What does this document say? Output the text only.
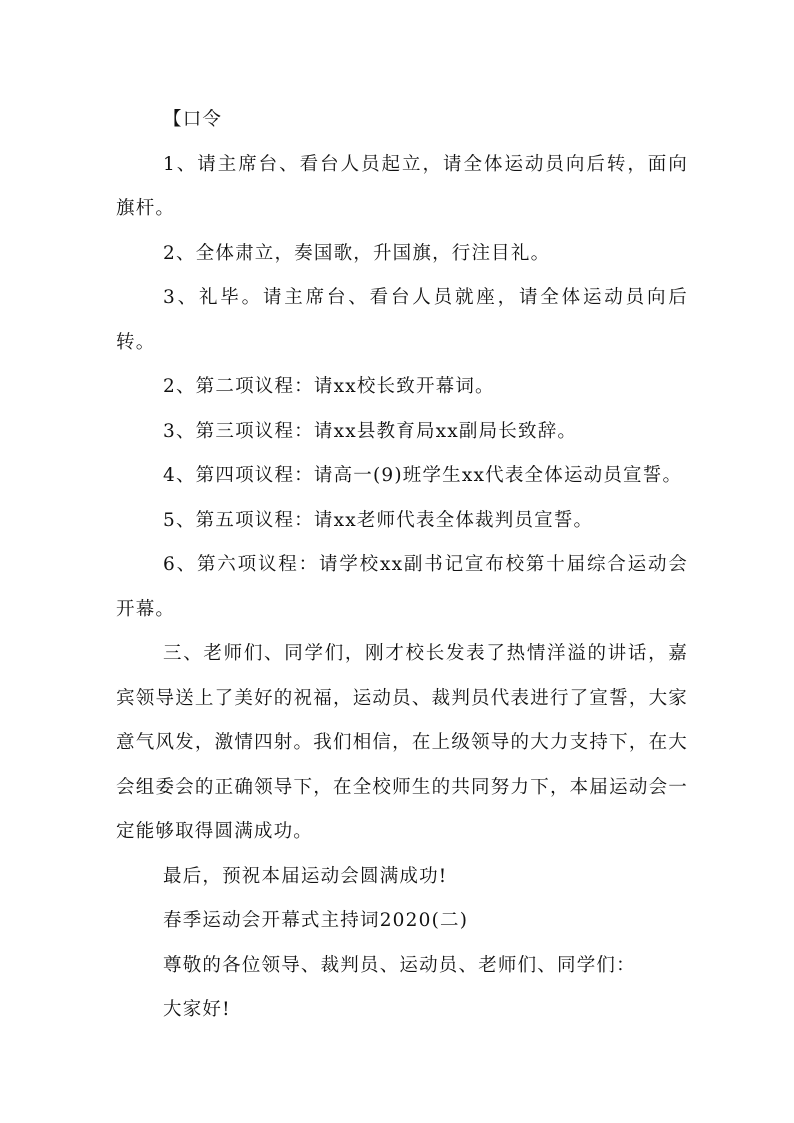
【口令

1、请主席台、看台人员起立，请全体运动员向后转，面向旗杆。

2、全体肃立，奏国歌，升国旗，行注目礼。

3、礼毕。请主席台、看台人员就座，请全体运动员向后转。

2、第二项议程：请xx校长致开幕词。

3、第三项议程：请xx县教育局xx副局长致辞。

4、第四项议程：请高一(9)班学生xx代表全体运动员宣誓。

5、第五项议程：请xx老师代表全体裁判员宣誓。

6、第六项议程：请学校xx副书记宣布校第十届综合运动会开幕。

三、老师们、同学们，刚才校长发表了热情洋溢的讲话，嘉宾领导送上了美好的祝福，运动员、裁判员代表进行了宣誓，大家意气风发，激情四射。我们相信，在上级领导的大力支持下，在大会组委会的正确领导下，在全校师生的共同努力下，本届运动会一定能够取得圆满成功。

最后，预祝本届运动会圆满成功!

春季运动会开幕式主持词2020(二)

尊敬的各位领导、裁判员、运动员、老师们、同学们：

大家好!
